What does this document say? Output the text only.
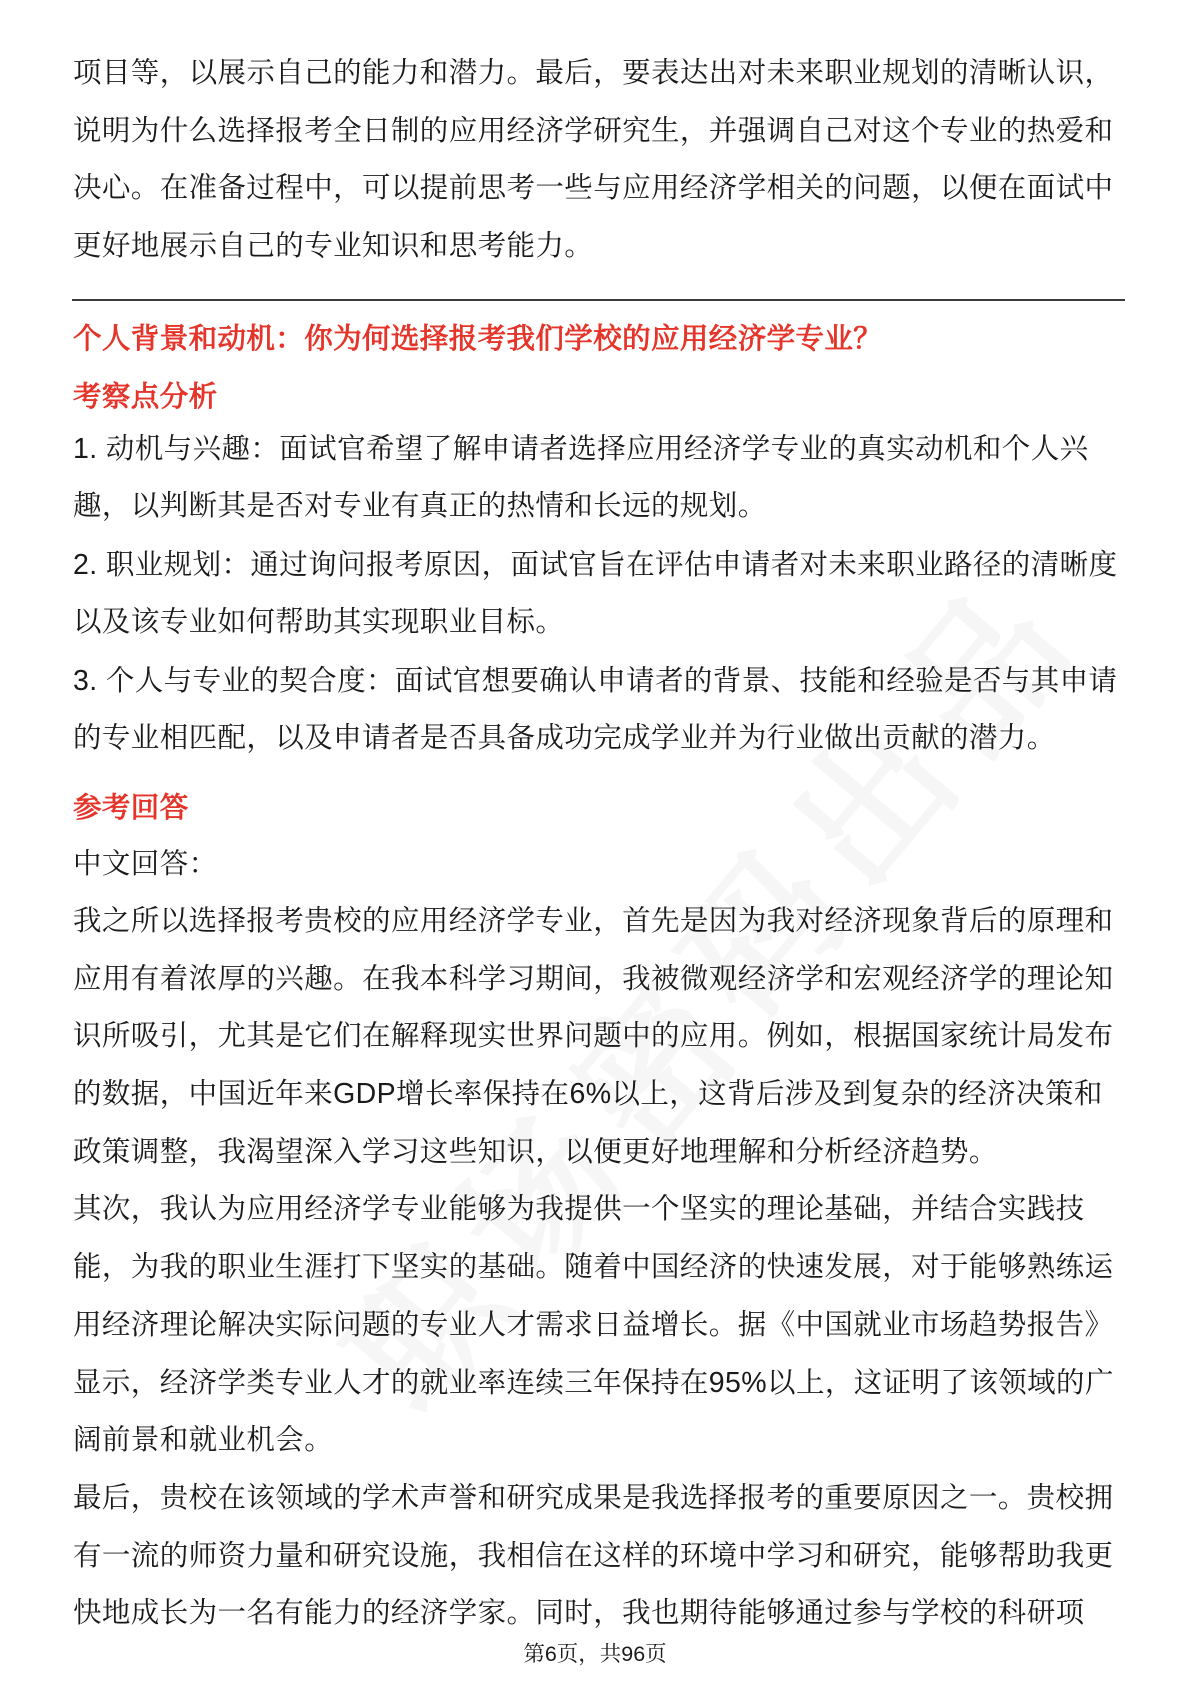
项目等，以展示自己的能力和潜力。最后，要表达出对未来职业规划的清晰认识，
说明为什么选择报考全日制的应用经济学研究生，并强调自己对这个专业的热爱和
决心。在准备过程中，可以提前思考一些与应用经济学相关的问题，以便在面试中
更好地展示自己的专业知识和思考能力。
个人背景和动机：你为何选择报考我们学校的应用经济学专业？
考察点分析
1. 动机与兴趣：面试官希望了解申请者选择应用经济学专业的真实动机和个人兴
趣，以判断其是否对专业有真正的热情和长远的规划。
2. 职业规划：通过询问报考原因，面试官旨在评估申请者对未来职业路径的清晰度
以及该专业如何帮助其实现职业目标。
3. 个人与专业的契合度：面试官想要确认申请者的背景、技能和经验是否与其申请
的专业相匹配，以及申请者是否具备成功完成学业并为行业做出贡献的潜力。
参考回答
中文回答：
我之所以选择报考贵校的应用经济学专业，首先是因为我对经济现象背后的原理和
应用有着浓厚的兴趣。在我本科学习期间，我被微观经济学和宏观经济学的理论知
识所吸引，尤其是它们在解释现实世界问题中的应用。例如，根据国家统计局发布
的数据，中国近年来GDP增长率保持在6%以上，这背后涉及到复杂的经济决策和
政策调整，我渴望深入学习这些知识，以便更好地理解和分析经济趋势。
其次，我认为应用经济学专业能够为我提供一个坚实的理论基础，并结合实践技
能，为我的职业生涯打下坚实的基础。随着中国经济的快速发展，对于能够熟练运
用经济理论解决实际问题的专业人才需求日益增长。据《中国就业市场趋势报告》
显示，经济学类专业人才的就业率连续三年保持在95%以上，这证明了该领域的广
阔前景和就业机会。
最后，贵校在该领域的学术声誉和研究成果是我选择报考的重要原因之一。贵校拥
有一流的师资力量和研究设施，我相信在这样的环境中学习和研究，能够帮助我更
快地成长为一名有能力的经济学家。同时，我也期待能够通过参与学校的科研项
第6页，共96页
